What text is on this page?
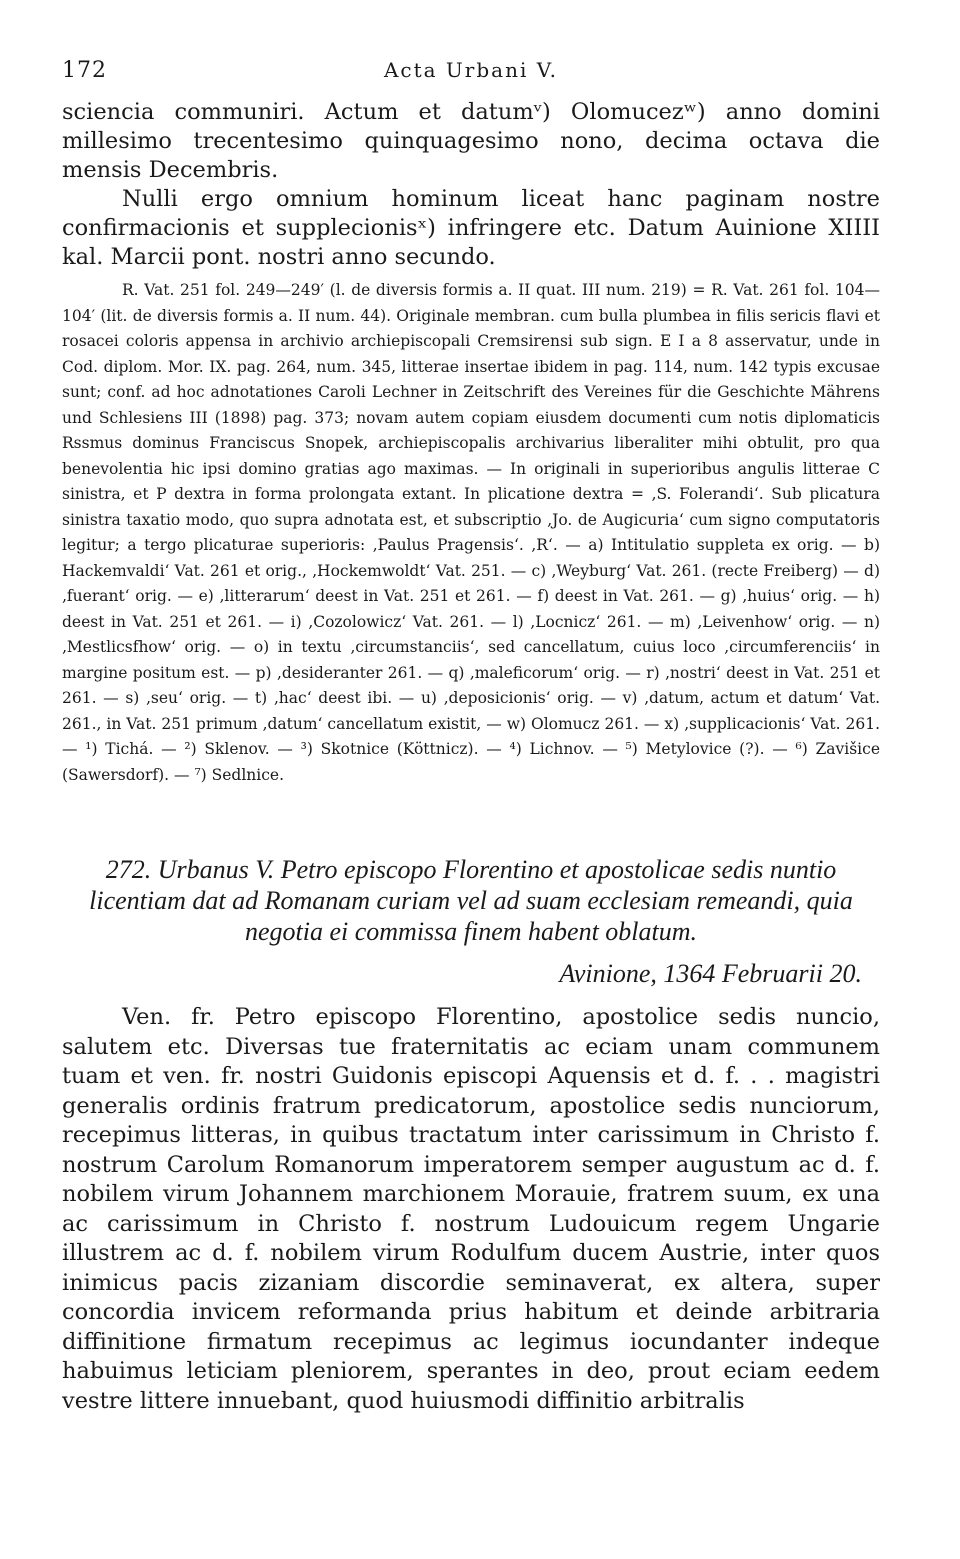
172	Acta Urbani V.

sciencia communiri. Actum et datumᵛ) Olomucezʷ) anno domini millesimo trecentesimo quinquagesimo nono, decima octava die mensis Decembris.

Nulli ergo omnium hominum liceat hanc paginam nostre confirmacionis et supplecionisˣ) infringere etc. Datum Auinione XIIII kal. Marcii pont. nostri anno secundo.

R. Vat. 251 fol. 249—249′ (l. de diversis formis a. II quat. III num. 219) = R. Vat. 261 fol. 104—104′ (lit. de diversis formis a. II num. 44). Originale membran. cum bulla plumbea in filis sericis flavi et rosacei coloris appensa in archivio archiepiscopali Cremsirensi sub sign. E I a 8 asservatur, unde in Cod. diplom. Mor. IX. pag. 264, num. 345, litterae insertae ibidem in pag. 114, num. 142 typis excusae sunt; conf. ad hoc adnotationes Caroli Lechner in Zeitschrift des Vereines für die Geschichte Mährens und Schlesiens III (1898) pag. 373; novam autem copiam eiusdem documenti cum notis diplomaticis Rssmus dominus Franciscus Snopek, archiepiscopalis archivarius liberaliter mihi obtulit, pro qua benevolentia hic ipsi domino gratias ago maximas. — In originali in superioribus angulis litterae C sinistra, et P dextra in forma prolongata extant. In plicatione dextra = ‚S. Folerandi‘. Sub plicatura sinistra taxatio modo, quo supra adnotata est, et subscriptio ‚Jo. de Augicuria‘ cum signo computatoris legitur; a tergo plicaturae superioris: ‚Paulus Pragensis‘. ‚R‘. — a) Intitulatio suppleta ex orig. — b) Hackemvaldi‘ Vat. 261 et orig., ‚Hockemwoldt‘ Vat. 251. — c) ‚Weyburg‘ Vat. 261. (recte Freiberg) — d) ‚fuerant‘ orig. — e) ‚litterarum‘ deest in Vat. 251 et 261. — f) deest in Vat. 261. — g) ‚huius‘ orig. — h) deest in Vat. 251 et 261. — i) ‚Cozolowicz‘ Vat. 261. — l) ‚Locnicz‘ 261. — m) ‚Leivenhow‘ orig. — n) ‚Mestlicsfhow‘ orig. — o) in textu ‚circumstanciis‘, sed cancellatum, cuius loco ‚circumferenciis‘ in margine positum est. — p) ‚desideranter 261. — q) ‚maleficorum‘ orig. — r) ‚nostri‘ deest in Vat. 251 et 261. — s) ‚seu‘ orig. — t) ‚hac‘ deest ibi. — u) ‚deposicionis‘ orig. — v) ‚datum, actum et datum‘ Vat. 261., in Vat. 251 primum ‚datum‘ cancellatum existit, — w) Olomucz 261. — x) ‚supplicacionis‘ Vat. 261. — ¹) Tichá. — ²) Sklenov. — ³) Skotnice (Köttnicz). — ⁴) Lichnov. — ⁵) Metylovice (?). — ⁶) Zavišice (Sawersdorf). — ⁷) Sedlnice.

272. Urbanus V. Petro episcopo Florentino et apostolicae sedis nuntio licentiam dat ad Romanam curiam vel ad suam ecclesiam remeandi, quia negotia ei commissa finem habent oblatum.
Avinione, 1364 Februarii 20.

Ven. fr. Petro episcopo Florentino, apostolice sedis nuncio, salutem etc. Diversas tue fraternitatis ac eciam unam communem tuam et ven. fr. nostri Guidonis episcopi Aquensis et d. f. . . magistri generalis ordinis fratrum predicatorum, apostolice sedis nunciorum, recepimus litteras, in quibus tractatum inter carissimum in Christo f. nostrum Carolum Romanorum imperatorem semper augustum ac d. f. nobilem virum Johannem marchionem Morauie, fratrem suum, ex una ac carissimum in Christo f. nostrum Ludouicum regem Ungarie illustrem ac d. f. nobilem virum Rodulfum ducem Austrie, inter quos inimicus pacis zizaniam discordie seminaverat, ex altera, super concordia invicem reformanda prius habitum et deinde arbitraria diffinitione firmatum recepimus ac legimus iocundanter indeque habuimus leticiam pleniorem, sperantes in deo, prout eciam eedem vestre littere innuebant, quod huiusmodi diffinitio arbitralis
